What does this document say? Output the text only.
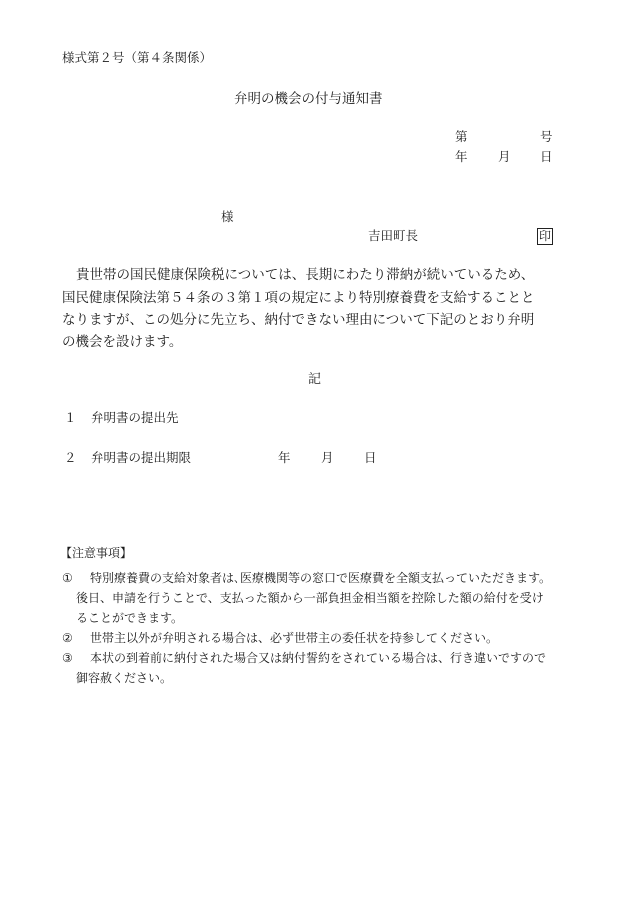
様式第２号（第４条関係）
弁明の機会の付与通知書
第	号
年 月 日
様
吉田町長	印
貴世帯の国民健康保険税については、長期にわたり滞納が続いているため、
国民健康保険法第５４条の３第１項の規定により特別療養費を支給することと
なりますが、この処分に先立ち、納付できない理由について下記のとおり弁明
の機会を設けます。
記
１ 弁明書の提出先
２ 弁明書の提出期限	年 月 日
【注意事項】
① 特別療養費の支給対象者は､医療機関等の窓口で医療費を全額支払っていただきます。
後日、申請を行うことで、支払った額から一部負担金相当額を控除した額の給付を受け
ることができます。
② 世帯主以外が弁明される場合は、必ず世帯主の委任状を持参してください。
③ 本状の到着前に納付された場合又は納付誓約をされている場合は、行き違いですので
御容赦ください。
